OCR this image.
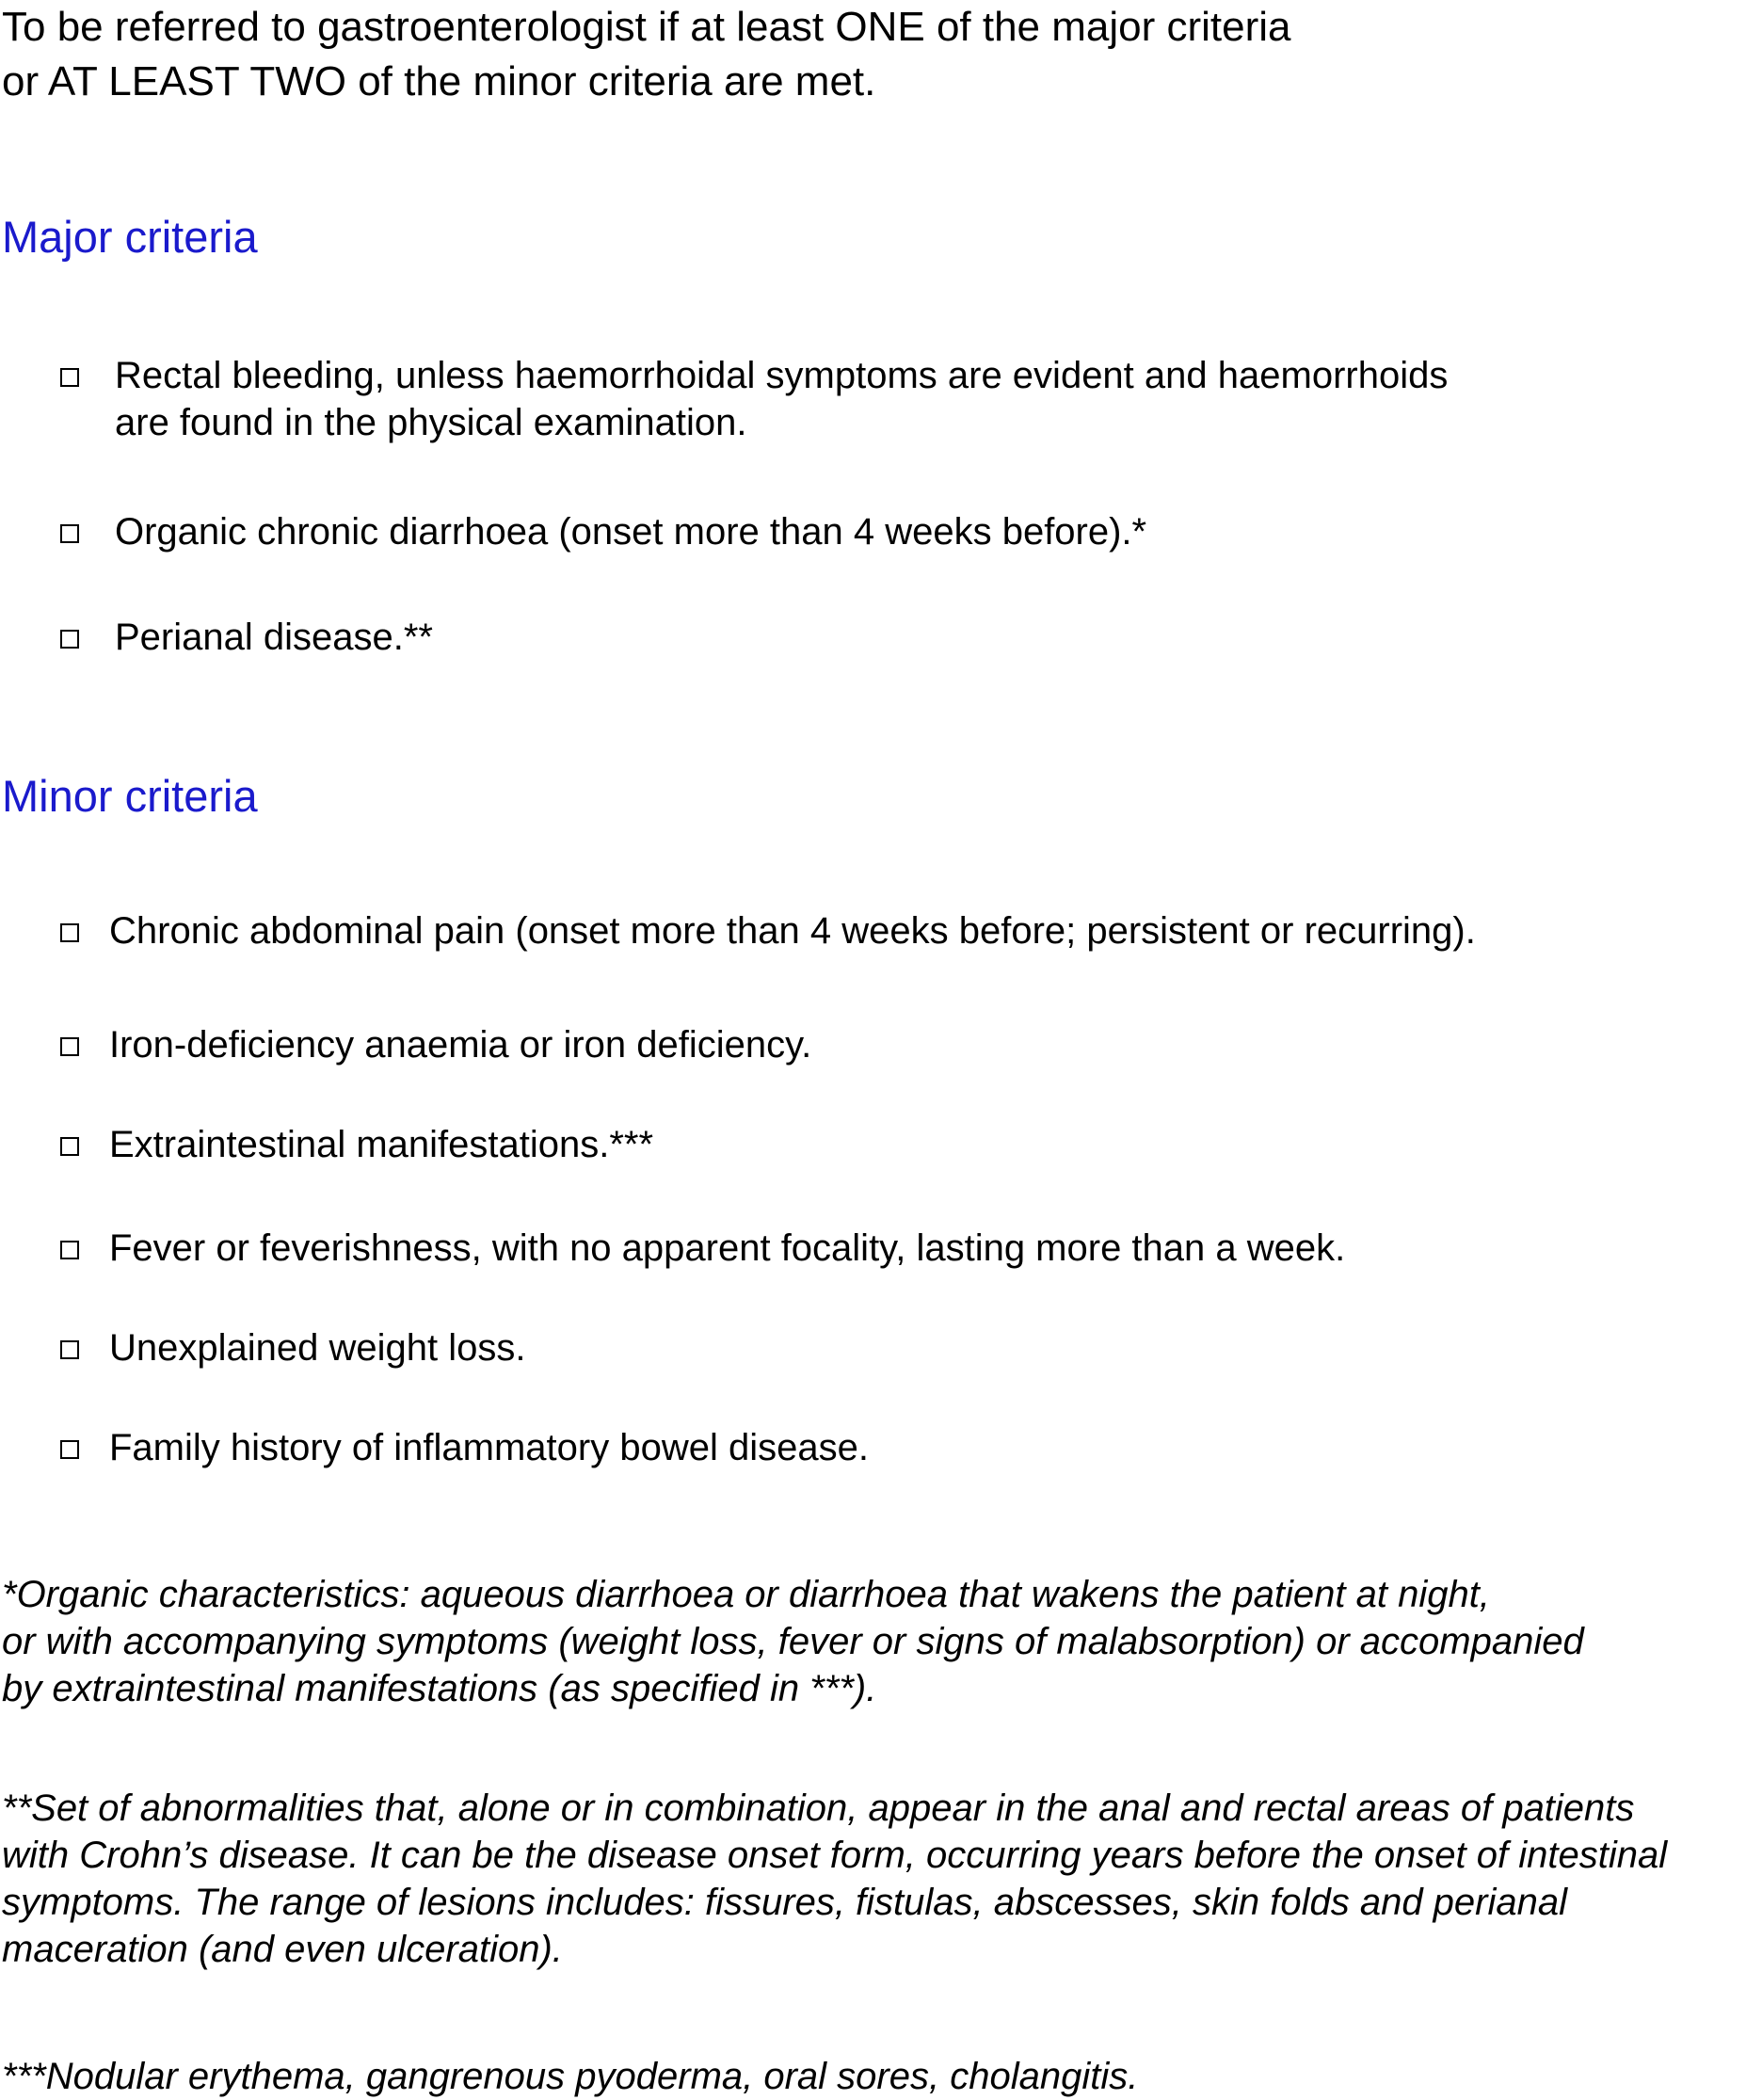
To be referred to gastroenterologist if at least ONE of the major criteria
or AT LEAST TWO of the minor criteria are met.
Major criteria
Rectal bleeding, unless haemorrhoidal symptoms are evident and haemorrhoids
are found in the physical examination.
Organic chronic diarrhoea (onset more than 4 weeks before).*
Perianal disease.**
Minor criteria
Chronic abdominal pain (onset more than 4 weeks before; persistent or recurring).
Iron-deficiency anaemia or iron deficiency.
Extraintestinal manifestations.***
Fever or feverishness, with no apparent focality, lasting more than a week.
Unexplained weight loss.
Family history of inflammatory bowel disease.
*Organic characteristics: aqueous diarrhoea or diarrhoea that wakens the patient at night,
or with accompanying symptoms (weight loss, fever or signs of malabsorption) or accompanied
by extraintestinal manifestations (as specified in ***).
**Set of abnormalities that, alone or in combination, appear in the anal and rectal areas of patients
with Crohn’s disease. It can be the disease onset form, occurring years before the onset of intestinal
symptoms. The range of lesions includes: fissures, fistulas, abscesses, skin folds and perianal
maceration (and even ulceration).
***Nodular erythema, gangrenous pyoderma, oral sores, cholangitis.
